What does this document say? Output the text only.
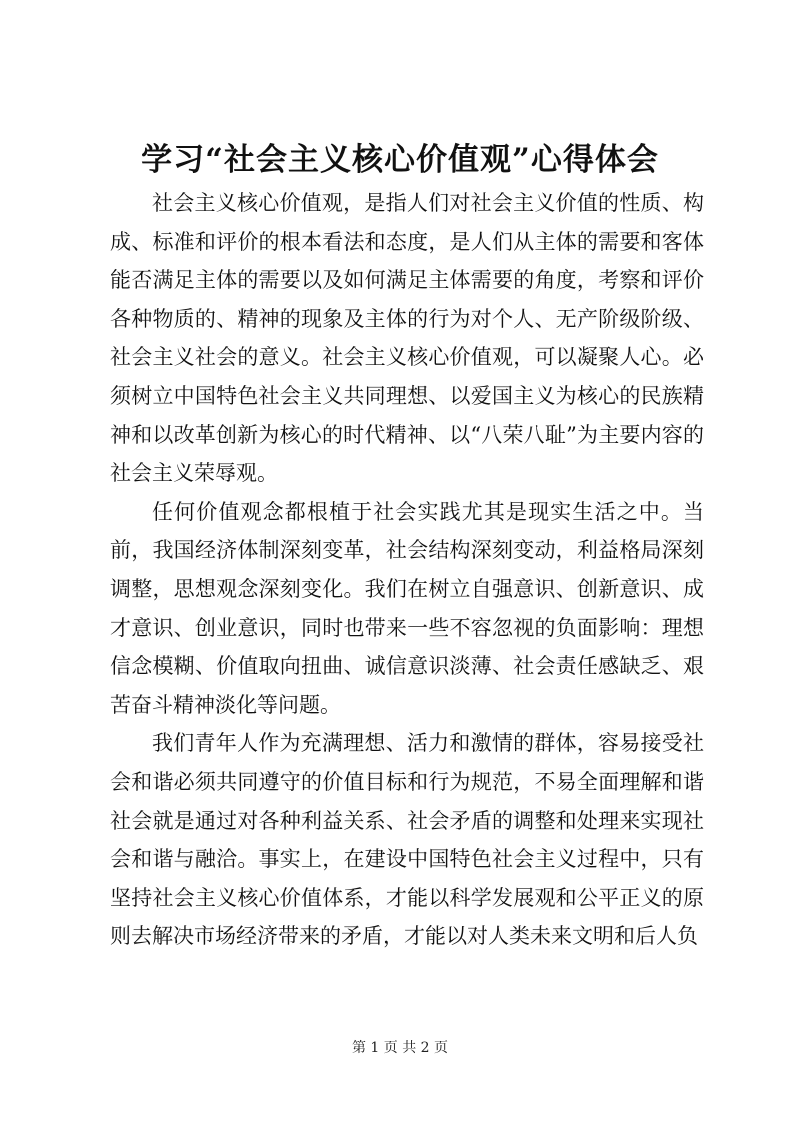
学习“社会主义核心价值观”心得体会

社会主义核心价值观，是指人们对社会主义价值的性质、构成、标准和评价的根本看法和态度，是人们从主体的需要和客体能否满足主体的需要以及如何满足主体需要的角度，考察和评价各种物质的、精神的现象及主体的行为对个人、无产阶级阶级、社会主义社会的意义。社会主义核心价值观，可以凝聚人心。必须树立中国特色社会主义共同理想、以爱国主义为核心的民族精神和以改革创新为核心的时代精神、以“八荣八耻”为主要内容的社会主义荣辱观。

任何价值观念都根植于社会实践尤其是现实生活之中。当前，我国经济体制深刻变革，社会结构深刻变动，利益格局深刻调整，思想观念深刻变化。我们在树立自强意识、创新意识、成才意识、创业意识，同时也带来一些不容忽视的负面影响：理想信念模糊、价值取向扭曲、诚信意识淡薄、社会责任感缺乏、艰苦奋斗精神淡化等问题。

我们青年人作为充满理想、活力和激情的群体，容易接受社会和谐必须共同遵守的价值目标和行为规范，不易全面理解和谐社会就是通过对各种利益关系、社会矛盾的调整和处理来实现社会和谐与融洽。事实上，在建设中国特色社会主义过程中，只有坚持社会主义核心价值体系，才能以科学发展观和公平正义的原则去解决市场经济带来的矛盾，才能以对人类未来文明和后人负

第 1 页 共 2 页
